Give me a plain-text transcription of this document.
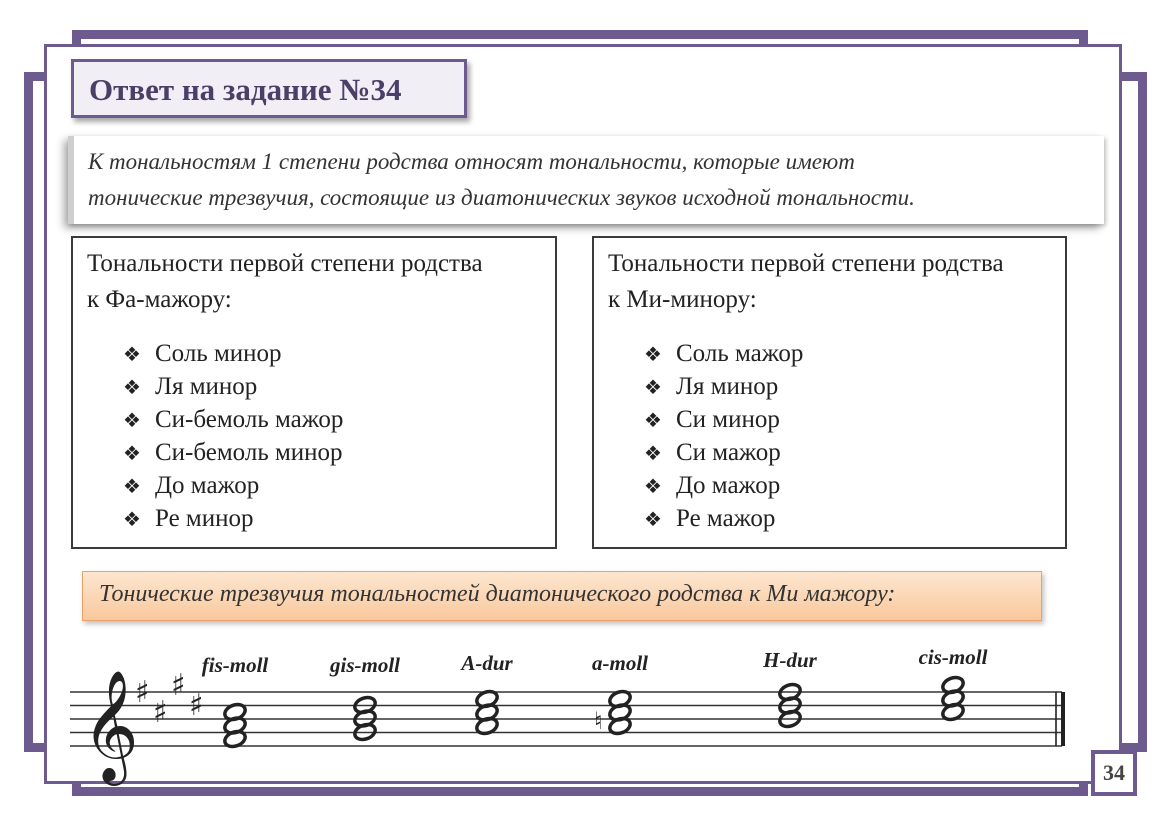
Ответ на задание №34
К тональностям 1 степени родства относят тональности, которые имеют
тонические трезвучия, состоящие из диатонических звуков исходной тональности.
Тональности первой степени родства
к Фа-мажору:
❖ Соль минор
❖ Ля минор
❖ Си-бемоль мажор
❖ Си-бемоль минор
❖ До мажор
❖ Ре минор
Тональности первой степени родства
к Ми-минору:
❖ Соль мажор
❖ Ля минор
❖ Си минор
❖ Си мажор
❖ До мажор
❖ Ре мажор
Тонические трезвучия тональностей диатонического родства к Ми мажору:
𝄞
♯
♯
♯
♯
fis-moll	gis-moll	A-dur	a-moll
♮
H-dur	cis-moll
34
